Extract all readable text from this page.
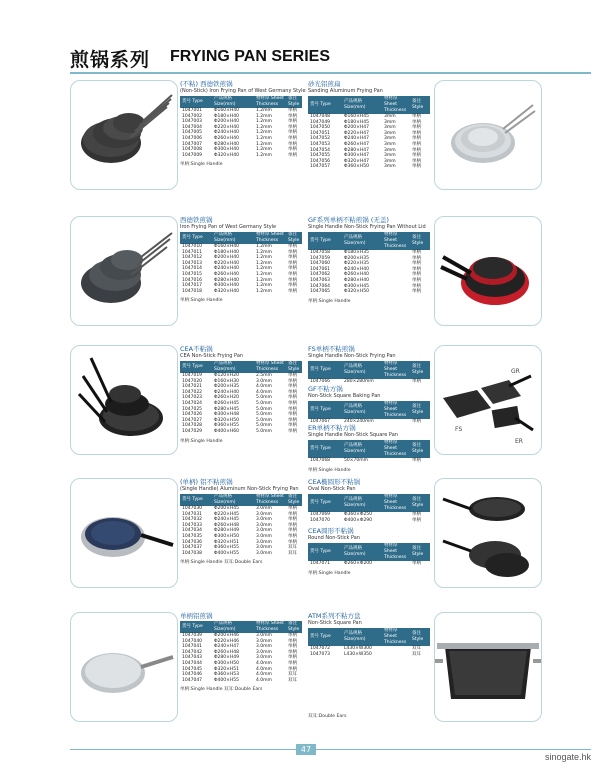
煎锅系列 FRYING PAN SERIES
(不粘) 西德铁煎锅
(Non-Stick) Iron Frying Pan of West Germany Style
货号 Type	产品规格 Size(mm)	物材厚 Sheet Thickness	备注 Style
1047001	Φ160×H40	1.2mm	单柄
1047002	Φ180×H40	1.2mm	单柄
1047003	Φ200×H40	1.2mm	单柄
1047004	Φ220×H40	1.2mm	单柄
1047005	Φ240×H40	1.2mm	单柄
1047006	Φ260×H40	1.2mm	单柄
1047007	Φ280×H40	1.2mm	单柄
1047008	Φ300×H40	1.2mm	单柄
1047009	Φ320×H40	1.2mm	单柄
单柄:Single Handle
砂光铝煎扁
Sanding Aluminum Frying Pan
货号 Type	产品规格 Size(mm)	物材厚 Sheet Thickness	备注 Style
1047048	Φ160×H45	3mm	单柄
1047049	Φ180×H45	3mm	单柄
1047050	Φ200×H47	3mm	单柄
1047051	Φ220×H47	3mm	单柄
1047052	Φ240×H47	3mm	单柄
1047053	Φ260×H47	3mm	单柄
1047054	Φ280×H47	3mm	单柄
1047055	Φ300×H47	3mm	单柄
1047056	Φ320×H47	3mm	单柄
1047057	Φ360×H50	3mm	单柄
西德铁煎锅
Iron Frying Pan of West Germany Style
货号 Type	产品规格 Size(mm)	物材厚 Sheet Thickness	备注 Style
1047010	Φ160×H40	1.2mm	单柄
1047011	Φ180×H40	1.2mm	单柄
1047012	Φ200×H40	1.2mm	单柄
1047013	Φ220×H40	1.2mm	单柄
1047014	Φ240×H40	1.2mm	单柄
1047015	Φ260×H40	1.2mm	单柄
1047016	Φ280×H40	1.2mm	单柄
1047017	Φ300×H40	1.2mm	单柄
1047018	Φ320×H40	1.2mm	单柄
单柄:Single Handle
GF系列单柄不粘煎锅 (无盖)
Single Handle Non-Stick Frying Pan Without Lid
货号 Type	产品规格 Size(mm)	物材厚 Sheet Thickness	备注 Style
1047058	Φ180×H35		单柄
1047059	Φ200×H35		单柄
1047060	Φ220×H35		单柄
1047061	Φ240×H40		单柄
1047062	Φ260×H40		单柄
1047063	Φ280×H40		单柄
1047064	Φ300×H45		单柄
1047065	Φ320×H50		单柄
单柄:Single Handle
CEA不粘锅
CEA Non-Stick Frying Pan
货号 Type	产品规格 Size(mm)	物材厚 Sheet Thickness	备注 Style
1047019	Φ120×H20	2.5mm	单柄
1047020	Φ160×H30	3.0mm	单柄
1047021	Φ200×H35	4.0mm	单柄
1047022	Φ240×H40	4.0mm	单柄
1047023	Φ260×H20	5.0mm	单柄
1047024	Φ260×H45	5.0mm	单柄
1047025	Φ280×H45	5.0mm	单柄
1047026	Φ300×H48	5.0mm	单柄
1047027	Φ320×H50	5.0mm	单柄
1047028	Φ360×H55	5.0mm	单柄
1047029	Φ400×H60	5.0mm	单柄
单柄:Single Handle
FS单柄不粘煎锅
Single Handle Non-Stick Frying Pan
货号 Type	产品规格 Size(mm)	物材厚 Sheet Thickness	备注 Style
1047066	280×280mm		单柄
GF不粘方锅
Non-Stick Square Baking Pan
货号 Type	产品规格 Size(mm)	物材厚 Sheet Thickness	备注 Style
1047067	240×240mm		单柄
ER单柄不粘方锅
Single Handle Non-Stick Square Pan
货号 Type	产品规格 Size(mm)	物材厚 Sheet Thickness	备注 Style
1047068	50×70mm		单柄
单柄:Single Handle
GR
FS
ER
(单柄) 铝不粘煎锅
(Single Handle) Aluminum Non-Stick Frying Pan
货号 Type	产品规格 Size(mm)	物材厚 Sheet Thickness	备注 Style
1047030	Φ200×H45	3.0mm	单柄
1047031	Φ220×H45	3.0mm	单柄
1047032	Φ240×H45	3.0mm	单柄
1047033	Φ260×H48	3.0mm	单柄
1047034	Φ280×H49	3.0mm	单柄
1047035	Φ300×H50	3.0mm	单柄
1047036	Φ320×H51	3.0mm	单柄
1047037	Φ360×H55	3.0mm	双耳
1047038	Φ400×H55	3.0mm	双耳
单柄:Single Handle 双耳:Double Ears
CEA椭圆形不粘锅
Oval Non-Stick Pan
货号 Type	产品规格 Size(mm)	物材厚 Sheet Thickness	备注 Style
1047069	Φ360×Φ250		单柄
1047070	Φ400×Φ290		单柄
CEA圆形不粘锅
Round Non-Stick Pan
货号 Type	产品规格 Size(mm)	物材厚 Sheet Thickness	备注 Style
1047071	Φ260×Φ200		单柄
单柄:Single Handle
单柄铝煎锅
货号 Type	产品规格 Size(mm)	物材厚 Sheet Thickness	备注 Style
1047039	Φ200×H46	3.0mm	单柄
1047040	Φ220×H46	3.0mm	单柄
1047041	Φ240×H47	3.0mm	单柄
1047042	Φ260×H48	3.0mm	单柄
1047043	Φ280×H49	3.0mm	单柄
1047044	Φ300×H50	4.0mm	单柄
1047045	Φ320×H51	4.0mm	单柄
1047046	Φ360×H53	4.0mm	双耳
1047047	Φ400×H55	4.0mm	双耳
单柄:Single Handle 双耳:Double Ears
ATM系列不粘方盘
Non-Stick Square Pan
货号 Type	产品规格 Size(mm)	物材厚 Sheet Thickness	备注 Style
1047072	L430×W300		双耳
1047073	L430×W350		双耳
双耳:Double Ears
47
sinogate.hk
